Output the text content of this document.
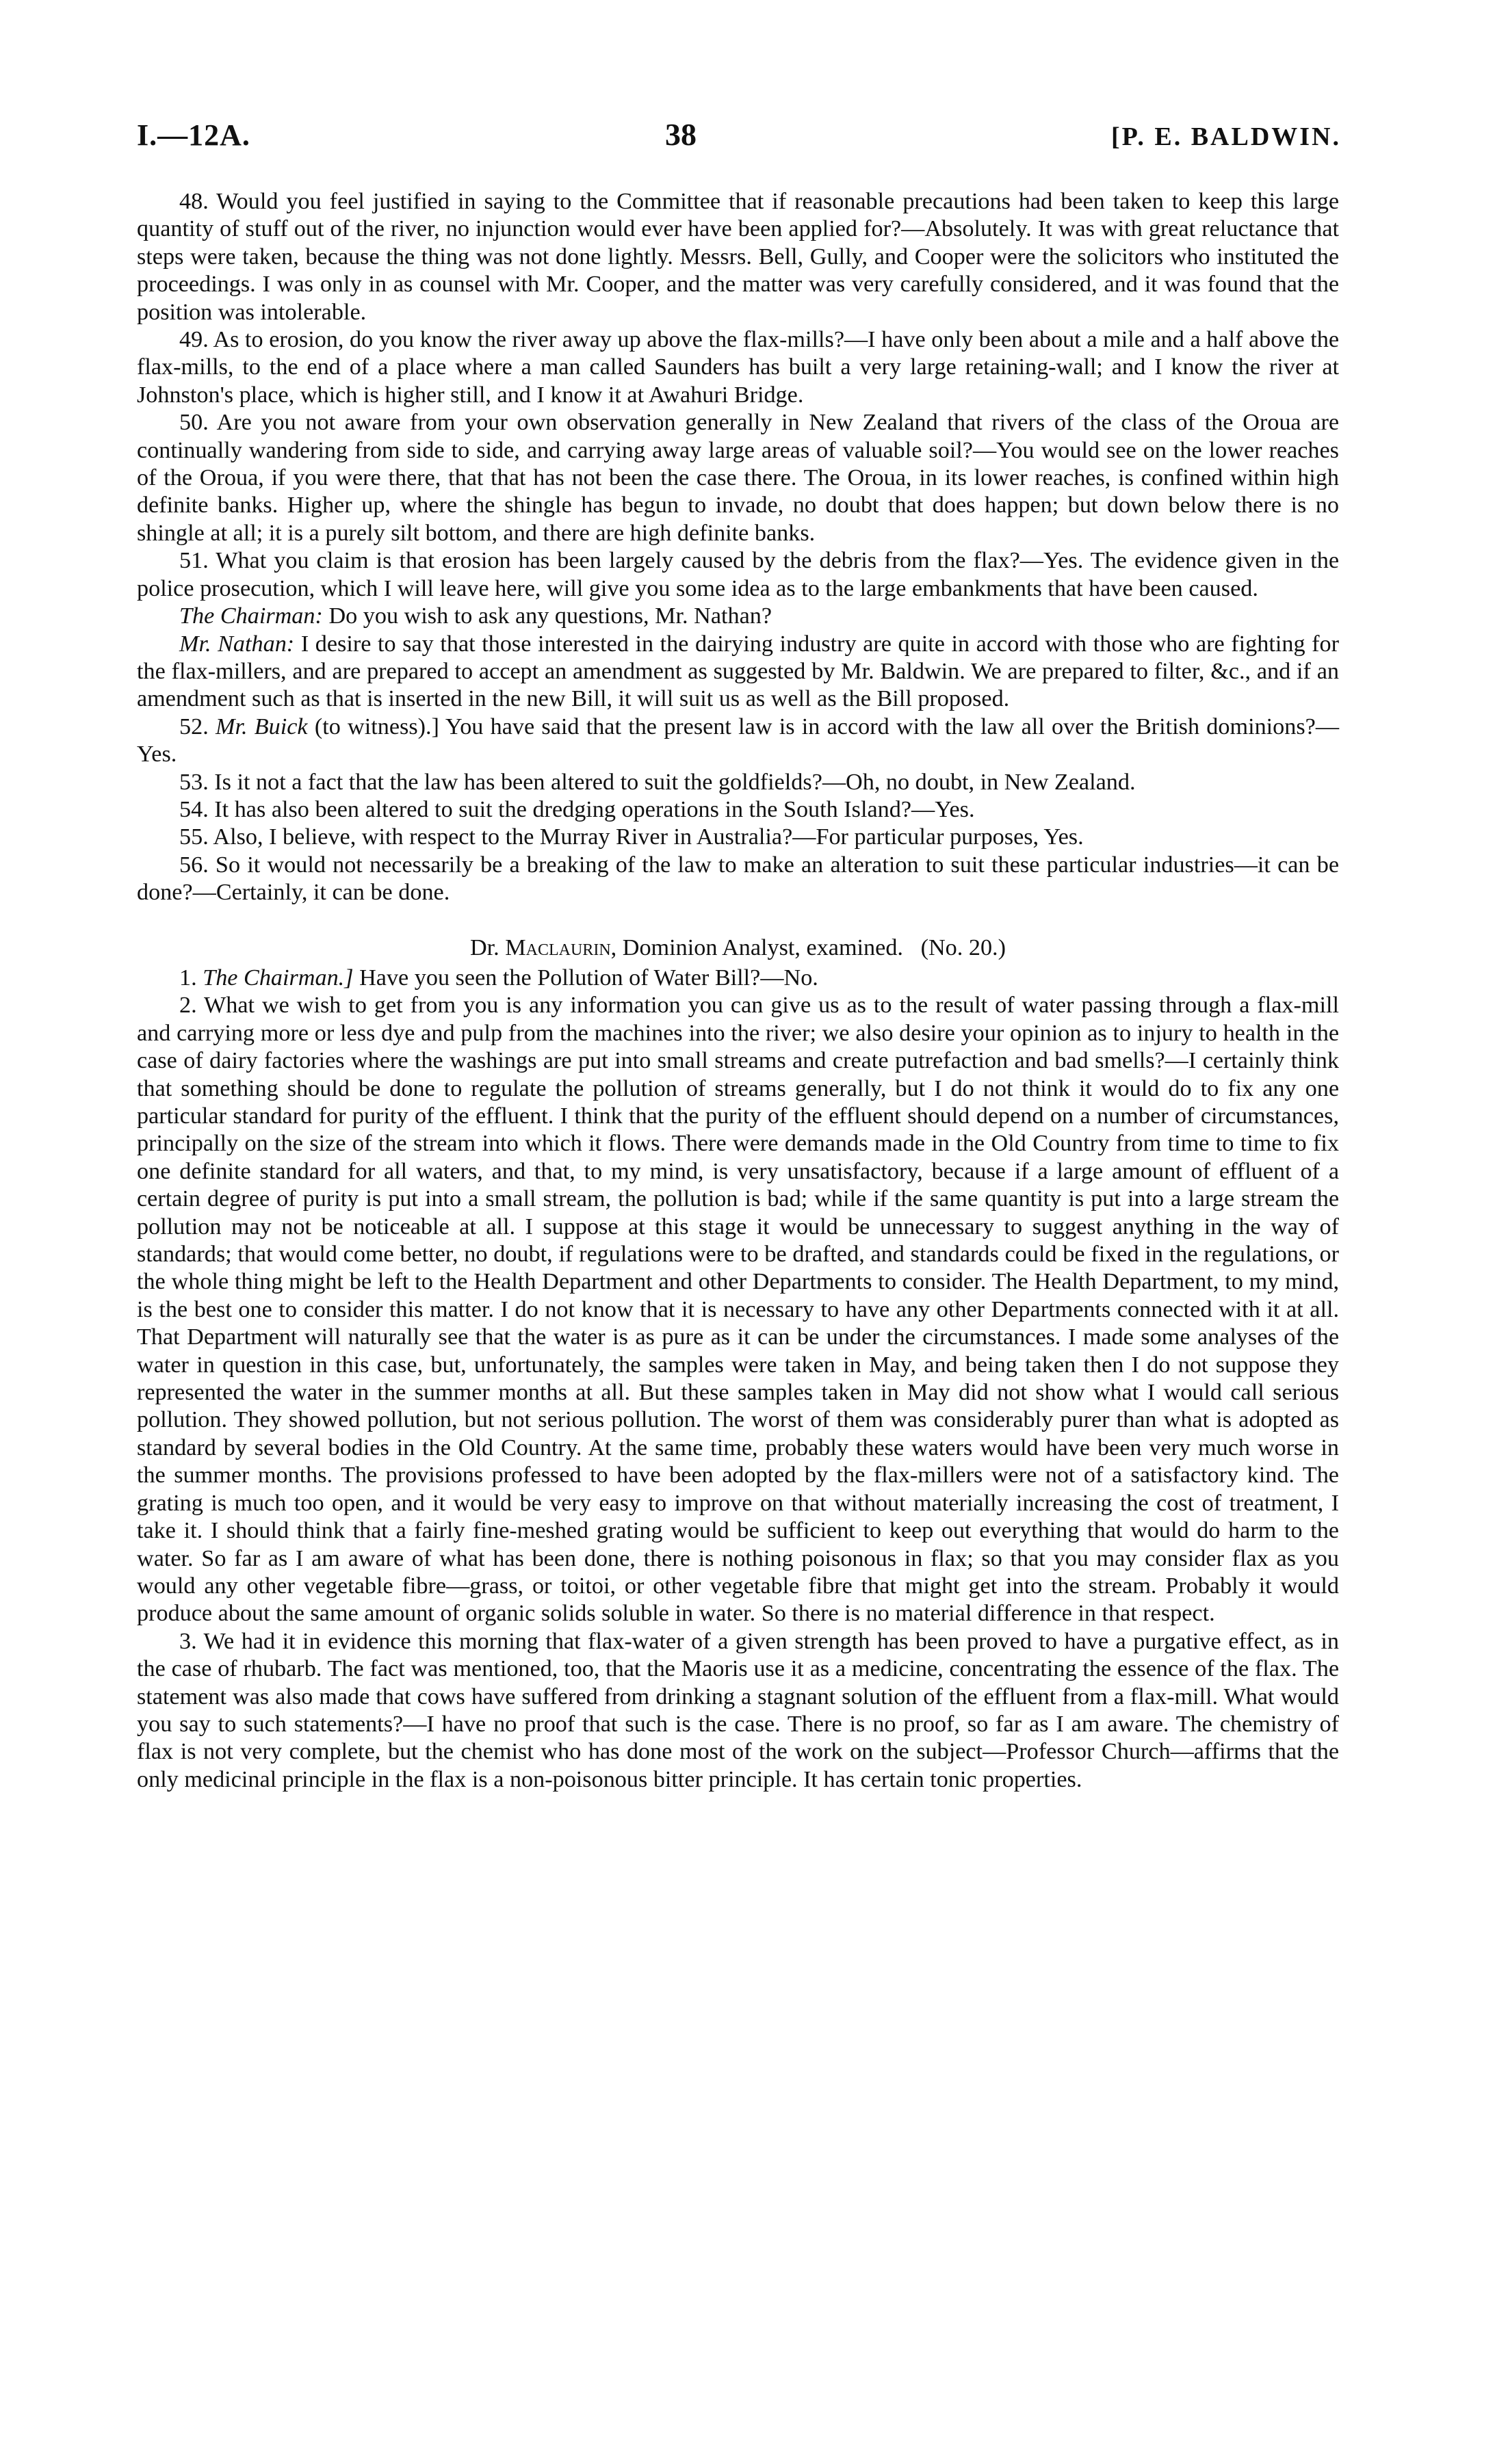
I.—12A.	38	[P. E. BALDWIN.

48. Would you feel justified in saying to the Committee that if reasonable precautions had been taken to keep this large quantity of stuff out of the river, no injunction would ever have been applied for?—Absolutely. It was with great reluctance that steps were taken, because the thing was not done lightly. Messrs. Bell, Gully, and Cooper were the solicitors who instituted the proceedings. I was only in as counsel with Mr. Cooper, and the matter was very carefully considered, and it was found that the position was intolerable.

49. As to erosion, do you know the river away up above the flax-mills?—I have only been about a mile and a half above the flax-mills, to the end of a place where a man called Saunders has built a very large retaining-wall; and I know the river at Johnston's place, which is higher still, and I know it at Awahuri Bridge.

50. Are you not aware from your own observation generally in New Zealand that rivers of the class of the Oroua are continually wandering from side to side, and carrying away large areas of valuable soil?—You would see on the lower reaches of the Oroua, if you were there, that that has not been the case there. The Oroua, in its lower reaches, is confined within high definite banks. Higher up, where the shingle has begun to invade, no doubt that does happen; but down below there is no shingle at all; it is a purely silt bottom, and there are high definite banks.

51. What you claim is that erosion has been largely caused by the debris from the flax?—Yes. The evidence given in the police prosecution, which I will leave here, will give you some idea as to the large embankments that have been caused.

The Chairman: Do you wish to ask any questions, Mr. Nathan?

Mr. Nathan: I desire to say that those interested in the dairying industry are quite in accord with those who are fighting for the flax-millers, and are prepared to accept an amendment as suggested by Mr. Baldwin. We are prepared to filter, &c., and if an amendment such as that is inserted in the new Bill, it will suit us as well as the Bill proposed.

52. Mr. Buick (to witness).] You have said that the present law is in accord with the law all over the British dominions?—Yes.

53. Is it not a fact that the law has been altered to suit the goldfields?—Oh, no doubt, in New Zealand.

54. It has also been altered to suit the dredging operations in the South Island?—Yes.

55. Also, I believe, with respect to the Murray River in Australia?—For particular purposes, Yes.

56. So it would not necessarily be a breaking of the law to make an alteration to suit these particular industries—it can be done?—Certainly, it can be done.

Dr. Maclaurin, Dominion Analyst, examined. (No. 20.)

1. The Chairman.] Have you seen the Pollution of Water Bill?—No.

2. What we wish to get from you is any information you can give us as to the result of water passing through a flax-mill and carrying more or less dye and pulp from the machines into the river; we also desire your opinion as to injury to health in the case of dairy factories where the washings are put into small streams and create putrefaction and bad smells?—I certainly think that something should be done to regulate the pollution of streams generally, but I do not think it would do to fix any one particular standard for purity of the effluent. I think that the purity of the effluent should depend on a number of circumstances, principally on the size of the stream into which it flows. There were demands made in the Old Country from time to time to fix one definite standard for all waters, and that, to my mind, is very unsatisfactory, because if a large amount of effluent of a certain degree of purity is put into a small stream, the pollution is bad; while if the same quantity is put into a large stream the pollution may not be noticeable at all. I suppose at this stage it would be unnecessary to suggest anything in the way of standards; that would come better, no doubt, if regulations were to be drafted, and standards could be fixed in the regulations, or the whole thing might be left to the Health Department and other Departments to consider. The Health Department, to my mind, is the best one to consider this matter. I do not know that it is necessary to have any other Departments connected with it at all. That Department will naturally see that the water is as pure as it can be under the circumstances. I made some analyses of the water in question in this case, but, unfortunately, the samples were taken in May, and being taken then I do not suppose they represented the water in the summer months at all. But these samples taken in May did not show what I would call serious pollution. They showed pollution, but not serious pollution. The worst of them was considerably purer than what is adopted as standard by several bodies in the Old Country. At the same time, probably these waters would have been very much worse in the summer months. The provisions professed to have been adopted by the flax-millers were not of a satisfactory kind. The grating is much too open, and it would be very easy to improve on that without materially increasing the cost of treatment, I take it. I should think that a fairly fine-meshed grating would be sufficient to keep out everything that would do harm to the water. So far as I am aware of what has been done, there is nothing poisonous in flax; so that you may consider flax as you would any other vegetable fibre—grass, or toitoi, or other vegetable fibre that might get into the stream. Probably it would produce about the same amount of organic solids soluble in water. So there is no material difference in that respect.

3. We had it in evidence this morning that flax-water of a given strength has been proved to have a purgative effect, as in the case of rhubarb. The fact was mentioned, too, that the Maoris use it as a medicine, concentrating the essence of the flax. The statement was also made that cows have suffered from drinking a stagnant solution of the effluent from a flax-mill. What would you say to such statements?—I have no proof that such is the case. There is no proof, so far as I am aware. The chemistry of flax is not very complete, but the chemist who has done most of the work on the subject—Professor Church—affirms that the only medicinal principle in the flax is a non-poisonous bitter principle. It has certain tonic properties.
